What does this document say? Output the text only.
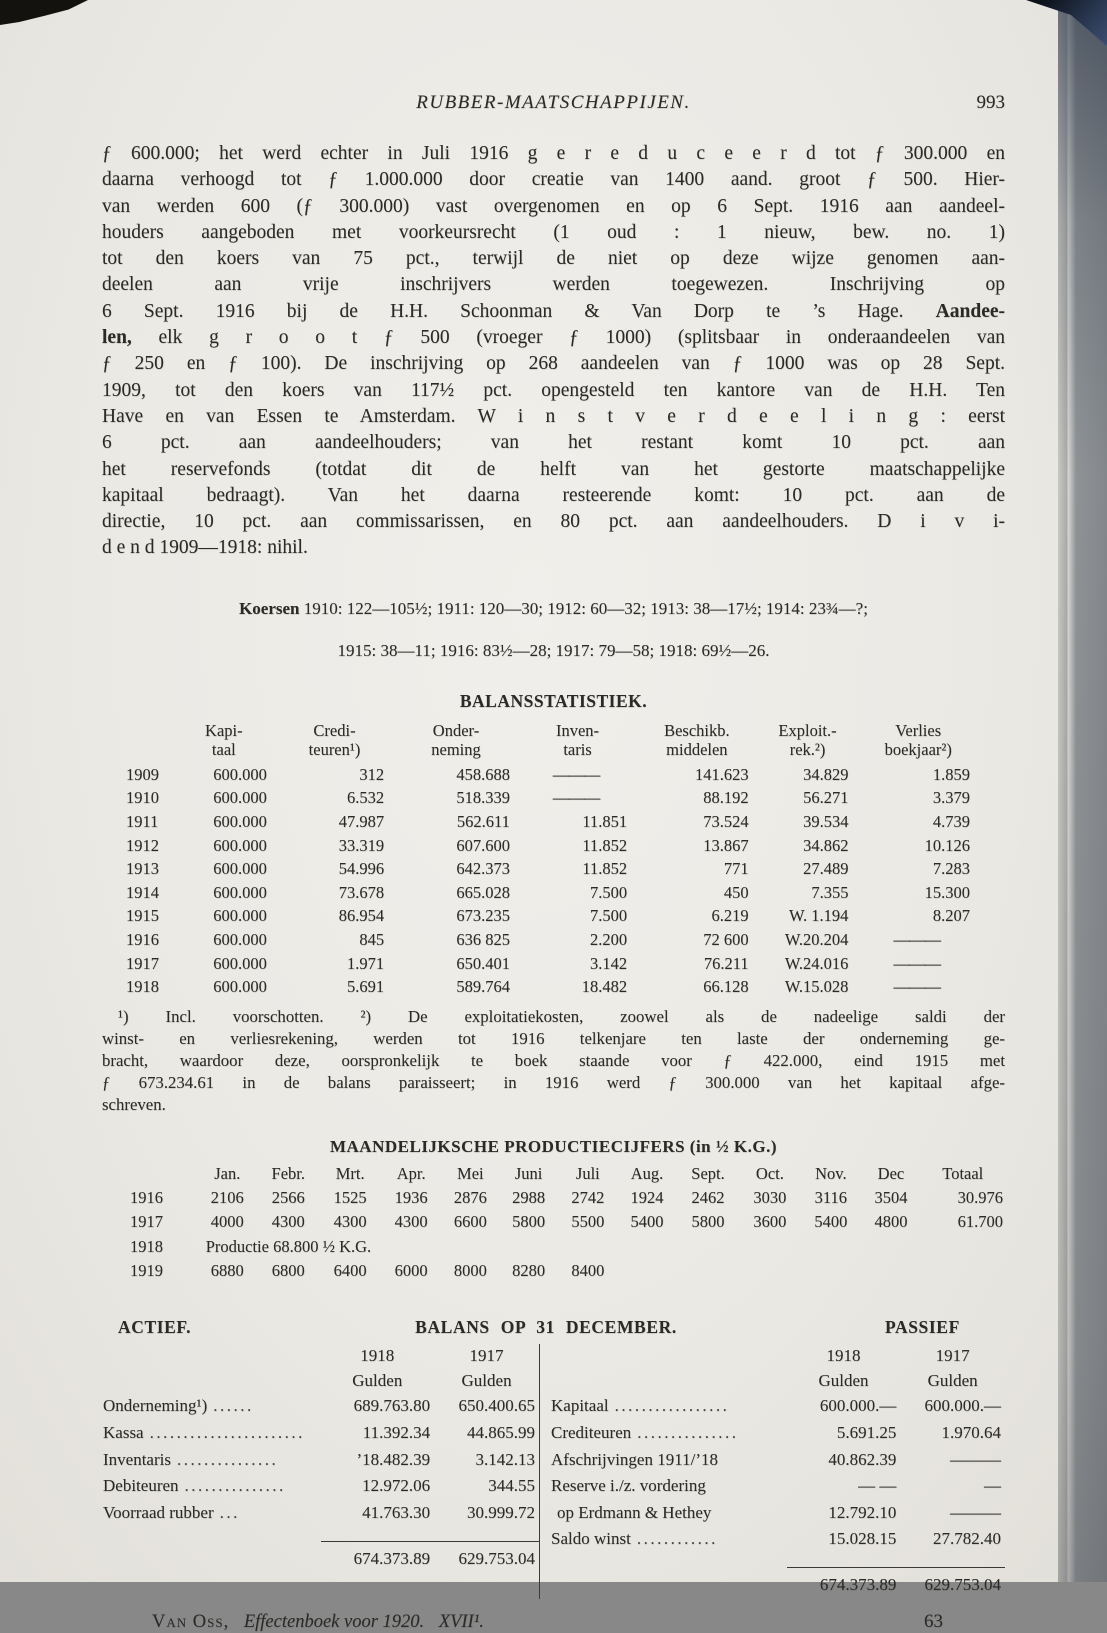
RUBBER-MAATSCHAPPIJEN.	993
ƒ 600.000; het werd echter in Juli 1916 g e r e d u c e e r d tot ƒ 300.000 en
daarna verhoogd tot ƒ 1.000.000 door creatie van 1400 aand. groot ƒ 500. Hier-
van werden 600 (ƒ 300.000) vast overgenomen en op 6 Sept. 1916 aan aandeel-
houders aangeboden met voorkeursrecht (1 oud : 1 nieuw, bew. no. 1)
tot den koers van 75 pct., terwijl de niet op deze wijze genomen aan-
deelen aan vrije inschrijvers werden toegewezen. Inschrijving op
6 Sept. 1916 bij de H.H. Schoonman & Van Dorp te ’s Hage. Aandee-
len, elk g r o o t ƒ 500 (vroeger ƒ 1000) (splitsbaar in onderaandeelen van
ƒ 250 en ƒ 100). De inschrijving op 268 aandeelen van ƒ 1000 was op 28 Sept.
1909, tot den koers van 117½ pct. opengesteld ten kantore van de H.H. Ten
Have en van Essen te Amsterdam. W i n s t v e r d e e l i n g : eerst
6 pct. aan aandeelhouders; van het restant komt 10 pct. aan
het reservefonds (totdat dit de helft van het gestorte maatschappelijke
kapitaal bedraagt). Van het daarna resteerende komt: 10 pct. aan de
directie, 10 pct. aan commissarissen, en 80 pct. aan aandeelhouders. D i v i-
d e n d 1909—1918: nihil.
Koersen 1910: 122—105½; 1911: 120—30; 1912: 60—32; 1913: 38—17½; 1914: 23¾—?;
1915: 38—11; 1916: 83½—28; 1917: 79—58; 1918: 69½—26.
BALANSSTATISTIEK.

Kapi-
taal

Credi-
teuren¹)

Onder-
neming

Inven-
taris

Beschikb.
middelen

Exploit.-
rek.²)

Verlies
boekjaar²)

1909	600.000	312	458.688	———	141.623	34.829	1.859
1910	600.000	6.532	518.339	———	88.192	56.271	3.379
1911	600.000	47.987	562.611	11.851	73.524	39.534	4.739
1912	600.000	33.319	607.600	11.852	13.867	34.862	10.126
1913	600.000	54.996	642.373	11.852	771	27.489	7.283
1914	600.000	73.678	665.028	7.500	450	7.355	15.300
1915	600.000	86.954	673.235	7.500	6.219	W. 1.194	8.207
1916	600.000	845	636 825	2.200	72 600	W.20.204	———
1917	600.000	1.971	650.401	3.142	76.211	W.24.016	———
1918	600.000	5.691	589.764	18.482	66.128	W.15.028	———
¹) Incl. voorschotten. ²) De exploitatiekosten, zoowel als de nadeelige saldi der
winst- en verliesrekening, werden tot 1916 telkenjare ten laste der onderneming ge-
bracht, waardoor deze, oorspronkelijk te boek staande voor ƒ 422.000, eind 1915 met
ƒ 673.234.61 in de balans paraisseert; in 1916 werd ƒ 300.000 van het kapitaal afge-
schreven.
MAANDELIJKSCHE PRODUCTIECIJFERS (in ½ K.G.)
	Jan.	Febr.	Mrt.	Apr.	Mei	Juni	Juli	Aug.	Sept.	Oct.	Nov.	Dec	Totaal
1916	2106	2566	1525	1936	2876	2988	2742	1924	2462	3030	3116	3504	30.976
1917	4000	4300	4300	4300	6600	5800	5500	5400	5800	3600	5400	4800	61.700
1918	Productie 68.800 ½ K.G.												
1919	6880	6800	6400	6000	8000	8280	8400						
ACTIEF.	BALANS OP 31 DECEMBER.	PASSIEF
	1918	1917
	Gulden	Gulden
Onderneming¹) ......	689.763.80	650.400.65
Kassa .......................	11.392.34	44.865.99
Inventaris ...............	’18.482.39	3.142.13
Debiteuren ...............	12.972.06	344.55
Voorraad rubber ...	41.763.30	30.999.72

	674.373.89	629.753.04
	1918	1917
	Gulden	Gulden
Kapitaal .................	600.000.—	600.000.—
Crediteuren ...............	5.691.25	1.970.64
Afschrijvingen 1911/’18	40.862.39	———
Reserve i./z. vordering	— —	—
op Erdmann & Hethey	12.792.10	———
Saldo winst ............	15.028.15	27.782.40

	674.373.89	629.753.04
Van Oss, Effectenboek voor 1920. XVII¹.	63
